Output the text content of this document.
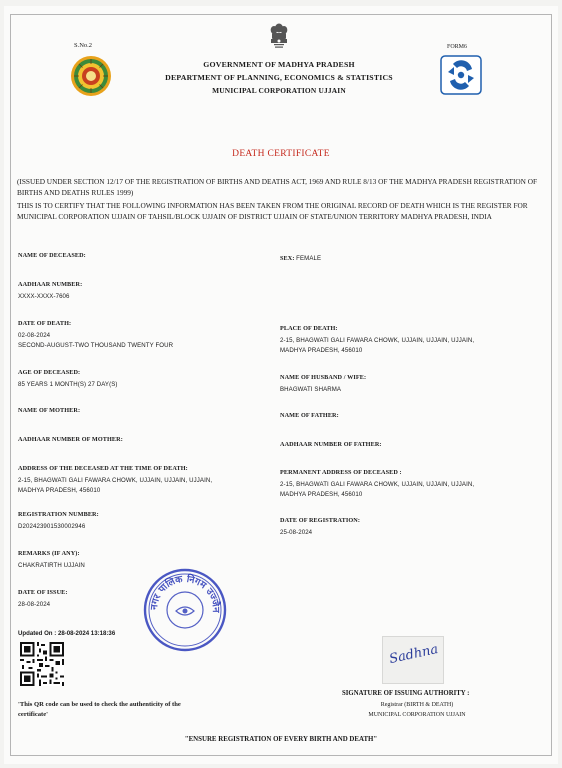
S.No.2	FORM6
GOVERNMENT OF MADHYA PRADESH
DEPARTMENT OF PLANNING, ECONOMICS & STATISTICS
MUNICIPAL CORPORATION UJJAIN
DEATH CERTIFICATE
(ISSUED UNDER SECTION 12/17 OF THE REGISTRATION OF BIRTHS AND DEATHS ACT, 1969 AND RULE 8/13 OF THE MADHYA PRADESH REGISTRATION OF BIRTHS AND DEATHS RULES 1999)
THIS IS TO CERTIFY THAT THE FOLLOWING INFORMATION HAS BEEN TAKEN FROM THE ORIGINAL RECORD OF DEATH WHICH IS THE REGISTER FOR MUNICIPAL CORPORATION UJJAIN OF TAHSIL/BLOCK UJJAIN OF DISTRICT UJJAIN OF STATE/UNION TERRITORY MADHYA PRADESH, INDIA
NAME OF DECEASED:
AADHAAR NUMBER:
XXXX-XXXX-7606
DATE OF DEATH:
02-08-2024
SECOND-AUGUST-TWO THOUSAND TWENTY FOUR
AGE OF DECEASED:
85 YEARS 1 MONTH(S) 27 DAY(S)
NAME OF MOTHER:
AADHAAR NUMBER OF MOTHER:
ADDRESS OF THE DECEASED AT THE TIME OF DEATH:
2-15, BHAGWATI GALI FAWARA CHOWK, UJJAIN, UJJAIN, UJJAIN,
MADHYA PRADESH, 456010
REGISTRATION NUMBER:
D202423901530002946
REMARKS (IF ANY):
CHAKRATIRTH UJJAIN
DATE OF ISSUE:
28-08-2024
SEX: FEMALE
PLACE OF DEATH:
2-15, BHAGWATI GALI FAWARA CHOWK, UJJAIN, UJJAIN, UJJAIN,
MADHYA PRADESH, 456010
NAME OF HUSBAND / WIFE:
BHAGWATI SHARMA
NAME OF FATHER:
AADHAAR NUMBER OF FATHER:
PERMANENT ADDRESS OF DECEASED :
2-15, BHAGWATI GALI FAWARA CHOWK, UJJAIN, UJJAIN, UJJAIN,
MADHYA PRADESH, 456010
DATE OF REGISTRATION:
25-08-2024
नगर पालिक निगम उज्जैन
Updated On : 28-08-2024 13:18:36
'This QR code can be used to check the authenticity of the
certificate'
Sadhna
SIGNATURE OF ISSUING AUTHORITY :
Registrar (BIRTH & DEATH)
MUNICIPAL CORPORATION UJJAIN
"ENSURE REGISTRATION OF EVERY BIRTH AND DEATH"
